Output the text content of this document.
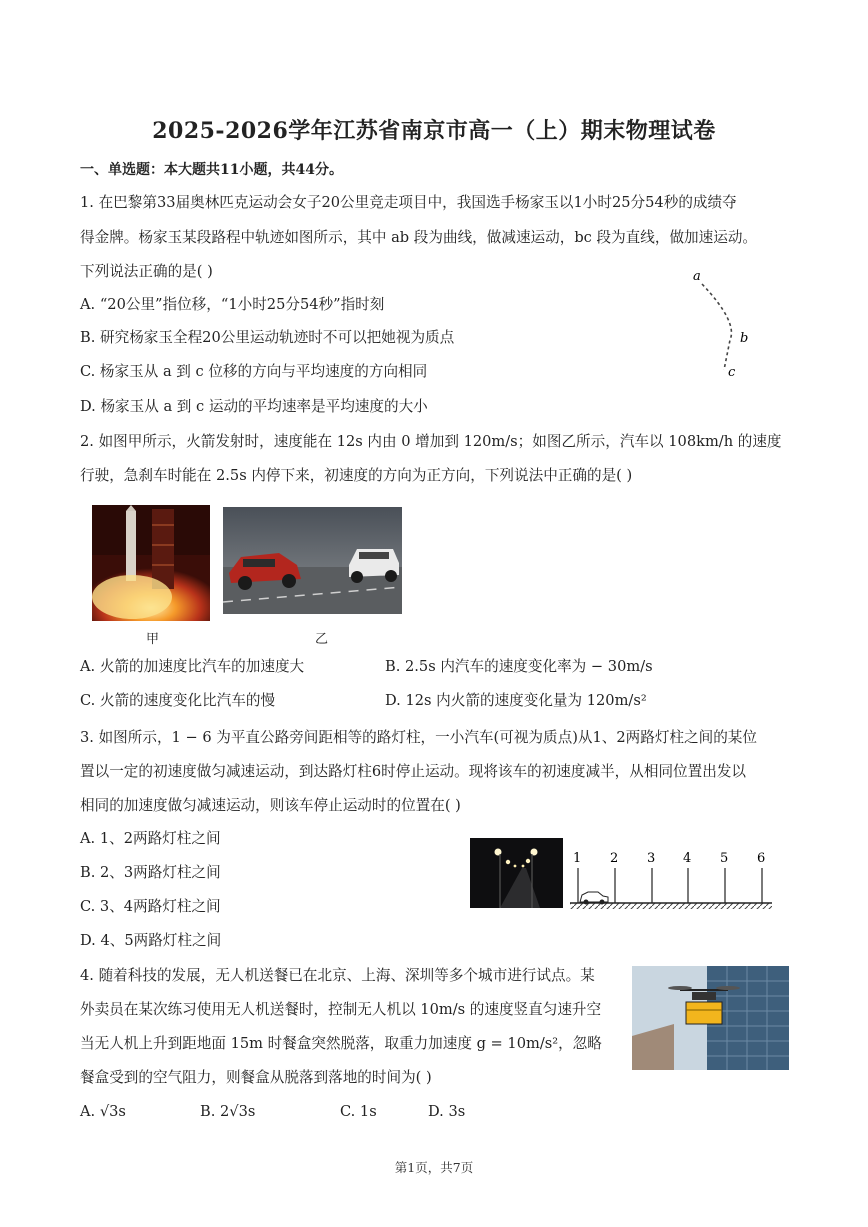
2025-2026学年江苏省南京市高一（上）期末物理试卷
一、单选题：本大题共11小题，共44分。
1. 在巴黎第33届奥林匹克运动会女子20公里竞走项目中，我国选手杨家玉以1小时25分54秒的成绩夺
得金牌。杨家玉某段路程中轨迹如图所示，其中 ab 段为曲线，做减速运动，bc 段为直线，做加速运动。
下列说法正确的是( )
A. “20公里”指位移，“1小时25分54秒”指时刻
B. 研究杨家玉全程20公里运动轨迹时不可以把她视为质点
C. 杨家玉从 a 到 c 位移的方向与平均速度的方向相同
D. 杨家玉从 a 到 c 运动的平均速率是平均速度的大小
a
b
c
2. 如图甲所示，火箭发射时，速度能在 12s 内由 0 增加到 120m/s；如图乙所示，汽车以 108km/h 的速度
行驶，急刹车时能在 2.5s 内停下来，初速度的方向为正方向，下列说法中正确的是( )
甲	乙
A. 火箭的加速度比汽车的加速度大	B. 2.5s 内汽车的速度变化率为 − 30m/s
C. 火箭的速度变化比汽车的慢	D. 12s 内火箭的速度变化量为 120m/s²
3. 如图所示，1 − 6 为平直公路旁间距相等的路灯柱，一小汽车(可视为质点)从1、2两路灯柱之间的某位
置以一定的初速度做匀减速运动，到达路灯柱6时停止运动。现将该车的初速度减半，从相同位置出发以
相同的加速度做匀减速运动，则该车停止运动时的位置在( )
A. 1、2两路灯柱之间
B. 2、3两路灯柱之间
C. 3、4两路灯柱之间
D. 4、5两路灯柱之间
1 2 3 4 5 6
4. 随着科技的发展，无人机送餐已在北京、上海、深圳等多个城市进行试点。某
外卖员在某次练习使用无人机送餐时，控制无人机以 10m/s 的速度竖直匀速升空
当无人机上升到距地面 15m 时餐盒突然脱落，取重力加速度 g = 10m/s²，忽略
餐盒受到的空气阻力，则餐盒从脱落到落地的时间为( )
A. √3s	B. 2√3s	C. 1s	D. 3s
第1页，共7页
